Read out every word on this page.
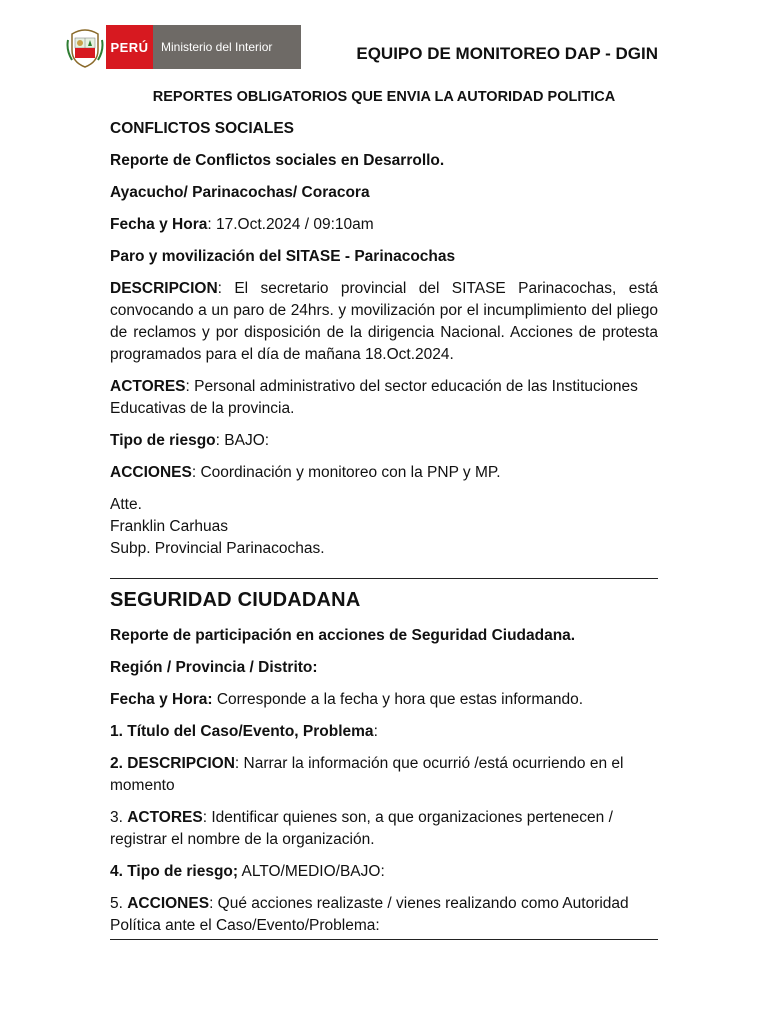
PERÚ	Ministerio del Interior	EQUIPO DE MONITOREO DAP - DGIN
REPORTES OBLIGATORIOS QUE ENVIA LA AUTORIDAD POLITICA
CONFLICTOS SOCIALES
Reporte de Conflictos sociales en Desarrollo.
Ayacucho/ Parinacochas/ Coracora
Fecha y Hora: 17.Oct.2024 / 09:10am
Paro y movilización del SITASE - Parinacochas
DESCRIPCION: El secretario provincial del SITASE Parinacochas, está convocando a un paro de 24hrs. y movilización por el incumplimiento del pliego de reclamos y por disposición de la dirigencia Nacional. Acciones de protesta programados para el día de mañana 18.Oct.2024.
ACTORES: Personal administrativo del sector educación de las Instituciones Educativas de la provincia.
Tipo de riesgo: BAJO:
ACCIONES: Coordinación y monitoreo con la PNP y MP.
Atte.
Franklin Carhuas
Subp. Provincial Parinacochas.
SEGURIDAD CIUDADANA
Reporte de participación en acciones de Seguridad Ciudadana.
Región / Provincia / Distrito:
Fecha y Hora: Corresponde a la fecha y hora que estas informando.
1. Título del Caso/Evento, Problema:
2. DESCRIPCION: Narrar la información que ocurrió /está ocurriendo en el momento
3. ACTORES: Identificar quienes son, a que organizaciones pertenecen / registrar el nombre de la organización.
4. Tipo de riesgo; ALTO/MEDIO/BAJO:
5. ACCIONES: Qué acciones realizaste / vienes realizando como Autoridad Política ante el Caso/Evento/Problema:
